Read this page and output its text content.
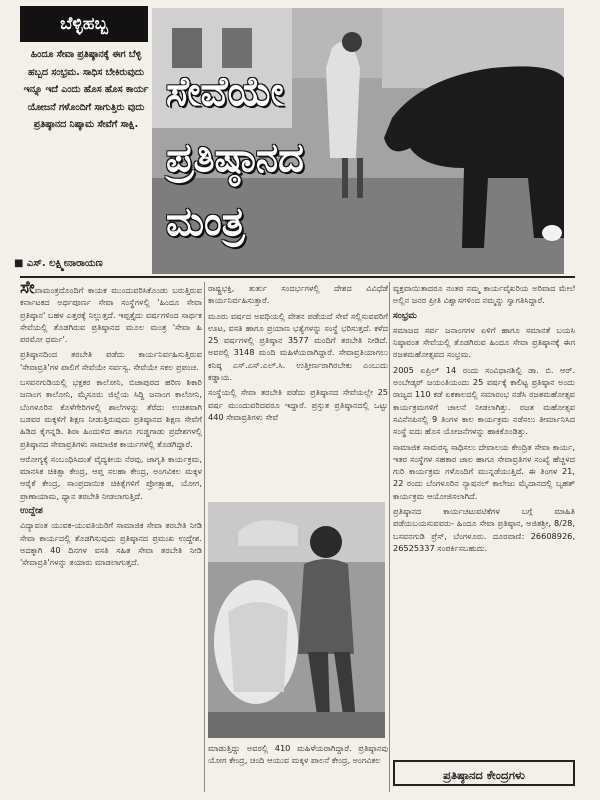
ಬೆಳ್ಳಿಹಬ್ಬ
ಹಿಂದೂ ಸೇವಾ ಪ್ರತಿಷ್ಠಾನಕ್ಕೆ ಈಗ ಬೆಳ್ಳಿ ಹಬ್ಬದ ಸಂಭ್ರಮ. ಸಾಧಿಸ ಬೇಕಿರುವುದು ಇನ್ನೂ ಇದೆ ಎಂದು ಹೊಸ ಹೊಸ ಕಾರ್ಯ ಯೋಜನೆ ಗಳೊಂದಿಗೆ ಸಾಗುತ್ತಿರು ವುದು ಪ್ರತಿಷ್ಠಾನದ ನಿಷ್ಕಾಮ ಸೇವೆಗೆ ಸಾಕ್ಷಿ.
■ ಎಸ್. ಲಕ್ಷ್ಮೀನಾರಾಯಣ
ಸೇವೆಯೇ
ಪ್ರತಿಷ್ಠಾನದ
ಮಂತ್ರ

ಸೇವಾಮಂತ್ರದೊಂದಿಗೆ ಕಾಯಕ ಮುಂದುವರಿಸಿಕೊಂಡು ಬರುತ್ತಿರುವ ಕರ್ನಾಟಕದ ಅರ್ಥಪೂರ್ಣ ಸೇವಾ ಸಂಸ್ಥೆಗಳಲ್ಲಿ 'ಹಿಂದೂ ಸೇವಾ ಪ್ರತಿಷ್ಠಾನ' ಬಹಳ ಎತ್ತರಕ್ಕೆ ನಿಲ್ಲುತ್ತದೆ. ಇಪ್ಪತ್ತೈದು ವರ್ಷಗಳಿಂದ ಸಾರ್ಥಕ ಸೇವೆಯಲ್ಲಿ ತೊಡಗಿರುವ ಪ್ರತಿಷ್ಠಾನದ ಮೂಲ ಮಂತ್ರ 'ಸೇವಾ ಹಿ ಪರಮೋ ಧರ್ಮ'.

ಪ್ರತಿಷ್ಠಾನದಿಂದ ತರಬೇತಿ ಪಡೆದು ಕಾರ್ಯನಿರ್ವಹಿಸುತ್ತಿರುವ 'ಸೇವಾವ್ರತಿ'ಗಳ ಪಾಲಿಗೆ ಸೇವೆಯೇ ಸರ್ವಸ್ವ. ಸೇವೆಯೇ ಸಕಲ ಪ್ರಪಂಚ.

ಬಸವನಗುಡಿಯಲ್ಲಿ ಭಕ್ತಕರ ಕಾಲೋನಿ, ಬಿಜಾಪುರದ ಹರಿಣ ಶಿಕಾರಿ ಜನಾಂಗ ಕಾಲೋನಿ, ಮೈಸೂರು ಜಿಲ್ಲೆಯ ಸಿದ್ದಿ ಜನಾಂಗ ಕಾಲೋನಿ, ಬೆಂಗಳೂರಿನ ಕೊಳೆಗೇರಿಗಳಲ್ಲಿ ಶಾಲೆಗಳನ್ನು ತೆರೆದು ಉಚಿತವಾಗಿ ಬಡವರ ಮಕ್ಕಳಿಗೆ ಶಿಕ್ಷಣ ನೀಡುತ್ತಿರುವುದು ಪ್ರತಿಷ್ಠಾನದ ಶಿಕ್ಷಣ ಸೇವೆಗೆ ಹಿಡಿದ ಕೈಗನ್ನಡಿ. ಶಿರಾ ಹಿಂದುಳಿದ ಹಾಗೂ ಗುಡ್ಡಗಾಡು ಪ್ರದೇಶಗಳಲ್ಲಿ ಪ್ರತಿಷ್ಠಾನದ ಸೇವಾವ್ರತಿಗಳು ಸಾಮಾಜಿಕ ಕಾರ್ಯಗಳಲ್ಲಿ ತೊಡಗಿದ್ದಾರೆ.

ಆರೋಗ್ಯಕ್ಕೆ ಸಂಬಂಧಿಸಿದಂತೆ ವೈದ್ಯಕೀಯ ನೆರವು, ಜಾಗೃತಿ ಕಾರ್ಯಕ್ರಮ, ಮಾನಸಿಕ ಚಿಕಿತ್ಸಾ ಕೇಂದ್ರ, ಆಪ್ತ ಸಲಹಾ ಕೇಂದ್ರ, ಅಂಗವಿಕಲ ಮಕ್ಕಳ ಆರೈಕೆ ಕೇಂದ್ರ, ಸಾಂಪ್ರದಾಯಿಕ ಚಿಕಿತ್ಸೆಗಳಿಗೆ ಪ್ರೋತ್ಸಾಹ, ಯೋಗ, ಪ್ರಾಣಾಯಾಮ, ಧ್ಯಾನ ತರಬೇತಿ ನೀಡಲಾಗುತ್ತಿದೆ.

ಉದ್ದೇಶ

ವಿದ್ಯಾವಂತ ಯುವಕ-ಯುವತಿಯರಿಗೆ ಸಾಮಾಜಿಕ ಸೇವಾ ತರಬೇತಿ ನೀಡಿ ಸೇವಾ ಕಾರ್ಯದಲ್ಲಿ ತೊಡಗಿಸುವುದು ಪ್ರತಿಷ್ಠಾನದ ಪ್ರಮುಖ ಉದ್ದೇಶ. ಅದಕ್ಕಾಗಿ 40 ದಿನಗಳ ವಸತಿ ಸಹಿತ ಸೇವಾ ತರಬೇತಿ ನೀಡಿ 'ಸೇವಾವ್ರತಿ'ಗಳನ್ನು ತಯಾರು ಮಾಡಲಾಗುತ್ತದೆ.

ರಾಷ್ಟ್ರಭಕ್ತಿ, ತುರ್ತು ಸಂದರ್ಭಗಳಲ್ಲಿ ದೇಶದ ವಿವಿಧೆಡೆ ಕಾರ್ಯನಿರ್ವಹಿಸುತ್ತಾರೆ.

ಮೂರು ವರ್ಷದ ಅವಧಿಯಲ್ಲಿ ವೇತನ ಪಡೆಯದೆ ಸೇವೆ ಸಲ್ಲಿಸುವವರಿಗೆ ಊಟ, ವಸತಿ ಹಾಗೂ ಪ್ರಯಾಣ ಭತ್ಯೆಗಳನ್ನು ಸಂಸ್ಥೆ ಭರಿಸುತ್ತದೆ. ಕಳೆದ 25 ವರ್ಷಗಳಲ್ಲಿ ಪ್ರತಿಷ್ಠಾನ 3577 ಮಂದಿಗೆ ತರಬೇತಿ ನೀಡಿದೆ. ಅವರಲ್ಲಿ 3148 ಮಂದಿ ಮಹಿಳೆಯರಾಗಿದ್ದಾರೆ. ಸೇವಾವ್ರತಿಯಾಗಲು ಕನಿಷ್ಠ ಎಸ್.ಎಸ್.ಎಲ್.ಸಿ. ಉತ್ತೀರ್ಣರಾಗಿರಬೇಕು ಎಂಬುದು ಕಡ್ಡಾಯ.

ಸಂಸ್ಥೆಯಲ್ಲಿ ಸೇವಾ ತರಬೇತಿ ಪಡೆದು ಪ್ರತಿಷ್ಠಾನದ ಸೇವೆಯಲ್ಲೇ 25 ವರ್ಷ ಮುಂದುವರಿದವರೂ ಇದ್ದಾರೆ. ಪ್ರಸ್ತುತ ಪ್ರತಿಷ್ಠಾನದಲ್ಲಿ ಒಟ್ಟು 440 ಸೇವಾವ್ರತಿಗಳು ಸೇವೆ

ಮಾಡುತ್ತಿದ್ದು ಅವರಲ್ಲಿ 410 ಮಹಿಳೆಯರಾಗಿದ್ದಾರೆ. ಪ್ರತಿಷ್ಠಾನವು ಯೋಗ ಕೇಂದ್ರ, ಚಿಂದಿ ಆಯುವ ಮಕ್ಕಳ ಪಾಲನೆ ಕೇಂದ್ರ, ಅಂಗವಿಕಲ

ವ್ಯಕ್ತವಾಯಿತಾದರೂ ನಂತರ ನಮ್ಮ ಕಾರ್ಯವೈಖರಿಯ ಅರಿವಾದ ಮೇಲೆ ಅಲ್ಲಿನ ಜನರ ಪ್ರೀತಿ ವಿಶ್ವಾಸಗಳಿಂದ ನಮ್ಮನ್ನು ಸ್ವಾಗತಿಸಿದ್ದಾರೆ.

ಸಂಭ್ರಮ

ಸಮಾಜದ ಸರ್ವ ಜನಾಂಗಗಳ ಏಳಿಗೆ ಹಾಗೂ ಸಮಾನತೆ ಬಯಸಿ ನಿಷ್ಠಾವಂತ ಸೇವೆಯಲ್ಲಿ ತೊಡಗಿರುವ ಹಿಂದೂ ಸೇವಾ ಪ್ರತಿಷ್ಠಾನಕ್ಕೆ ಈಗ ರಜತಮಹೋತ್ಸವದ ಸಂಭ್ರಮ.

2005 ಏಪ್ರಿಲ್ 14 ರಂದು ಸಂವಿಧಾನಶಿಲ್ಪಿ ಡಾ. ಬಿ. ಆರ್. ಅಂಬೇಡ್ಕರ್ ಜಯಂತಿಯಂದು 25 ವರ್ಷಕ್ಕೆ ಕಾಲಿಟ್ಟ ಪ್ರತಿಷ್ಠಾನ ಅಂದು ರಾಜ್ಯದ 110 ಕಡೆ ಏಕಕಾಲದಲ್ಲಿ ಸಮಾರಂಭ ನಡೆಸಿ ರಜತಮಹೋತ್ಸವ ಕಾರ್ಯಕ್ರಮಗಳಿಗೆ ಚಾಲನೆ ನೀಡಲಾಗಿತ್ತು. ರಜತ ಮಹೋತ್ಸವ ಸವಿನೆನಪಿನಲ್ಲಿ 9 ತಿಂಗಳ ಕಾಲ ಕಾರ್ಯಕ್ರಮ ನಡೆಸಲು ತೀರ್ಮಾನಿಸಿದ ಸಂಸ್ಥೆ ಐದು ಹೊಸ ಯೋಜನೆಗಳನ್ನು ಹಾಕಿಕೊಂಡಿತ್ತು.

ಸಾಮಾಜಿಕ ಸಾಮರಸ್ಯ ಸಾಧಿಸಲು ದೇವಾಲಯ ಕೇಂದ್ರಿತ ಸೇವಾ ಕಾರ್ಯ, ಇತರ ಸಂಸ್ಥೆಗಳ ಸಹಕಾರ ಜಾಲ ಹಾಗೂ ಸೇವಾವ್ರತಿಗಳ ಸಂಖ್ಯೆ ಹೆಚ್ಚಳದ ಗುರಿ ಕಾರ್ಯಕ್ರಮ ಗಳೊಂದಿಗೆ ಮುನ್ನಡೆಯುತ್ತಿದೆ. ಈ ತಿಂಗಳ 21, 22 ರಂದು ಬೆಂಗಳೂರಿನ ನ್ಯಾಷನಲ್ ಕಾಲೇಜು ಮೈದಾನದಲ್ಲಿ ಬೃಹತ್ ಕಾರ್ಯಕ್ರಮ ಆಯೋಜಿಸಲಾಗಿದೆ.

ಪ್ರತಿಷ್ಠಾನದ ಕಾರ್ಯಚಟುವಟಿಕೆಗಳ ಬಗ್ಗೆ ಮಾಹಿತಿ ಪಡೆಯಬಯಸುವವರು- ಹಿಂದೂ ಸೇವಾ ಪ್ರತಿಷ್ಠಾನ, ಅಜಿತಶ್ರೀ, 8/28, ಬಸವನಗುಡಿ ಪ್ರೆಸ್, ಬೆಂಗಳೂರು. ದೂರವಾಣಿ: 26608926, 26525337 ಸಂಪರ್ಕಿಸಬಹುದು.

ಪ್ರತಿಷ್ಠಾನದ ಕೇಂದ್ರಗಳು
